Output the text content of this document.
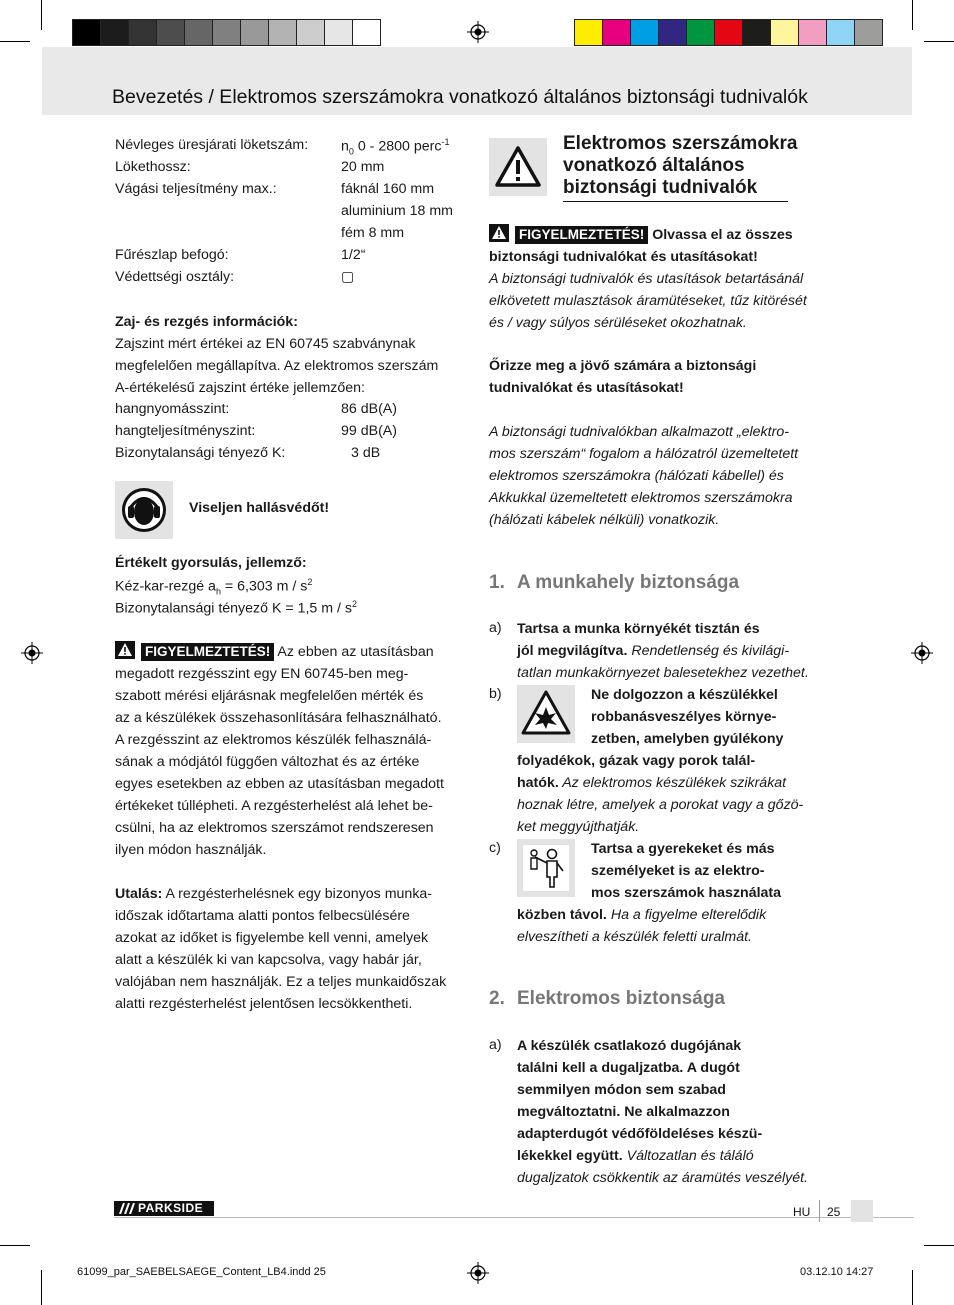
Bevezetés / Elektromos szerszámokra vonatkozó általános biztonsági tudnivalók
Névleges üresjárati löketszám: $n_0$ 0 - 2800 perc$^{-1}$
Lökethossz:	20 mm
Vágási teljesítmény max.:	fáknál 160 mm
aluminium 18 mm
fém 8 mm
Fűrészlap befogó:	1/2“
Védettségi osztály:	▢
Zaj- és rezgés információk:
Zajszint mért értékei az EN 60745 szabványnak
megfelelően megállapítva. Az elektromos szerszám
A-értékelésű zajszint értéke jellemzően:
hangnyomásszint:	86 dB(A)
hangteljesítményszint:	99 dB(A)
Bizonytalansági tényező K:	3 dB
Viseljen hallásvédőt!
Értékelt gyorsulás, jellemző:
Kéz-kar-rezgé $a_h = 6,303$ m / $s^2$
Bizonytalansági tényező K = 1,5 m / $s^2$
FIGYELMEZTETÉS! Az ebben az utasításban
megadott rezgésszint egy EN 60745-ben meg-
szabott mérési eljárásnak megfelelően mérték és
az a készülékek összehasonlítására felhasználható.
A rezgésszint az elektromos készülék felhasználá-
sának a módjától függően változhat és az értéke
egyes esetekben az ebben az utasításban megadott
értékeket túllépheti. A rezgésterhelést alá lehet be-
csülni, ha az elektromos szerszámot rendszeresen
ilyen módon használják.
Utalás: A rezgésterhelésnek egy bizonyos munka-
időszak időtartama alatti pontos felbecsülésére
azokat az időket is figyelembe kell venni, amelyek
alatt a készülék ki van kapcsolva, vagy habár jár,
valójában nem használják. Ez a teljes munkaidőszak
alatti rezgésterhelést jelentősen lecsökkentheti.
Elektromos szerszámokra
vonatkozó általános
biztonsági tudnivalók
FIGYELMEZTETÉS! Olvassa el az összes
biztonsági tudnivalókat és utasításokat!
A biztonsági tudnivalók és utasítások betartásánál
elkövetett mulasztások áramütéseket, tűz kitörését
és / vagy súlyos sérüléseket okozhatnak.
Őrizze meg a jövő számára a biztonsági
tudnivalókat és utasításokat!
A biztonsági tudnivalókban alkalmazott „elektro-
mos szerszám“ fogalom a hálózatról üzemeltetett
elektromos szerszámokra (hálózati kábellel) és
Akkukkal üzemeltetett elektromos szerszámokra
(hálózati kábelek nélküli) vonatkozik.
1. A munkahely biztonsága
a) Tartsa a munka környékét tisztán és
jól megvilágítva. Rendetlenség és kivilági-
tatlan munkakörnyezet balesetekhez vezethet.
b)	Ne dolgozzon a készülékkel
robbanásveszélyes környe-
zetben, amelyben gyúlékony
folyadékok, gázak vagy porok talál-
hatók. Az elektromos készülékek szikrákat
hoznak létre, amelyek a porokat vagy a gőzö-
ket meggyújthatják.
c)	Tartsa a gyerekeket és más
személyeket is az elektro-
mos szerszámok használata
közben távol. Ha a figyelme elterelődik
elveszítheti a készülék feletti uralmát.
2. Elektromos biztonsága
a) A készülék csatlakozó dugójának
találni kell a dugaljzatba. A dugót
semmilyen módon sem szabad
megváltoztatni. Ne alkalmazzon
adapterdugót védőföldeléses készü-
lékekkel együtt. Változatlan és táláló
dugaljzatok csökkentik az áramütés veszélyét.
PARKSIDE	HU 25
61099_par_SAEBELSAEGE_Content_LB4.indd 25	03.12.10 14:27
